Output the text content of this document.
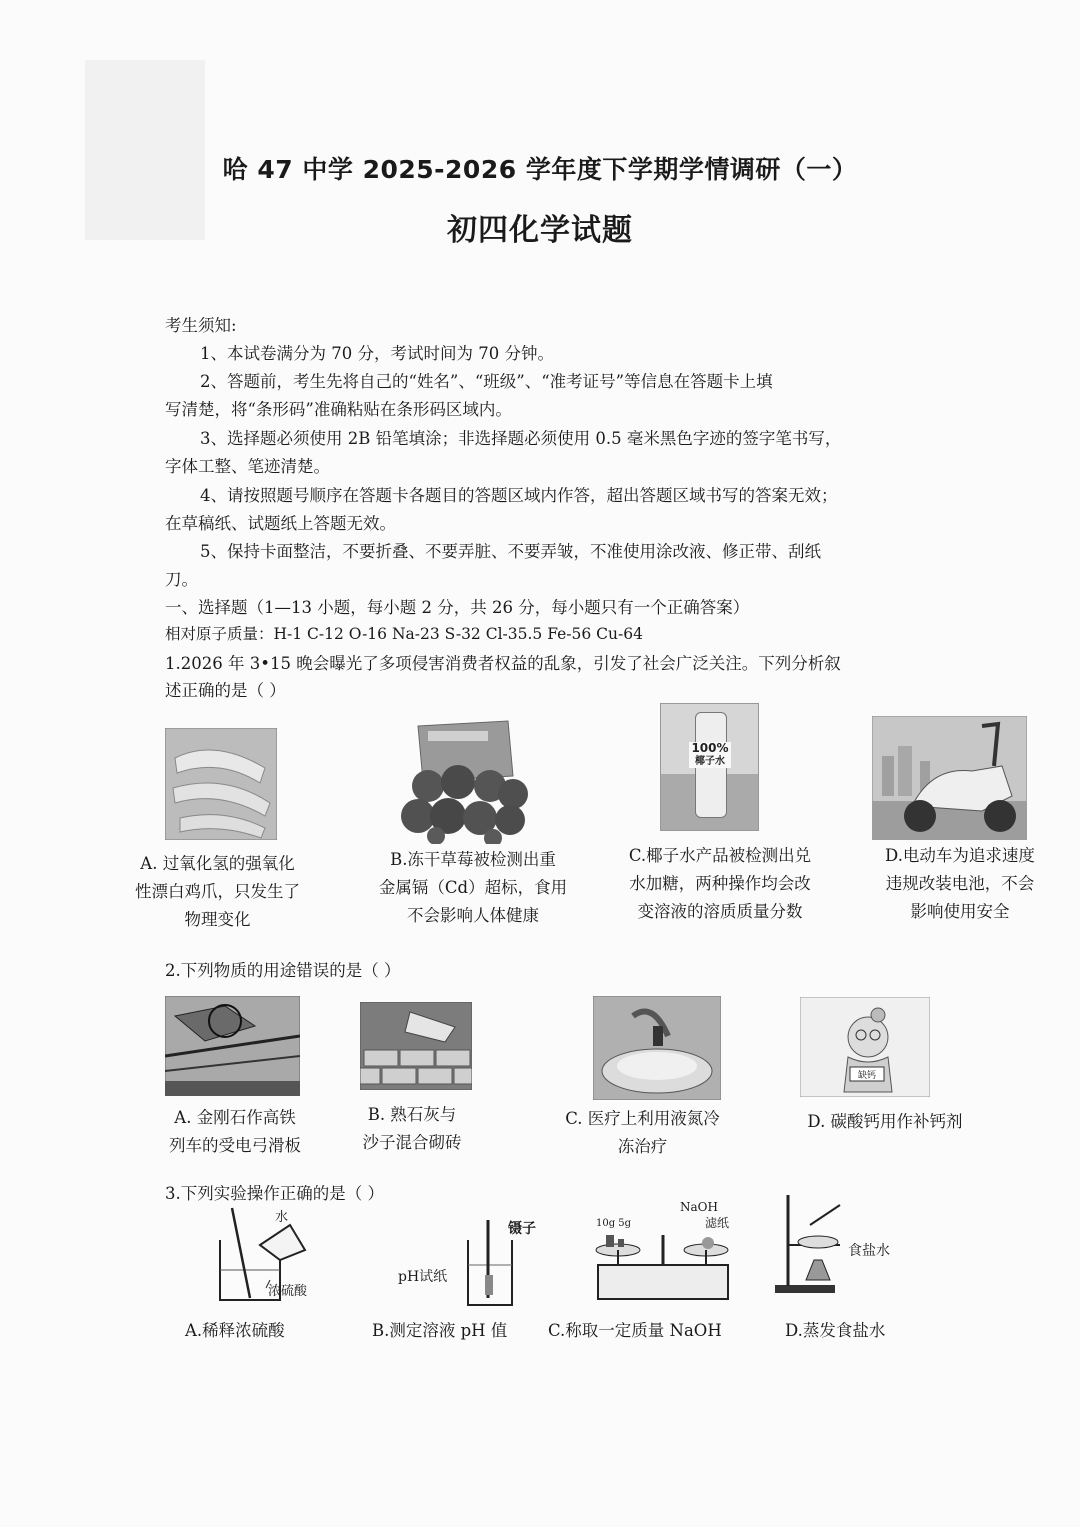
哈 47 中学 2025-2026 学年度下学期学情调研（一）
初四化学试题
考生须知:
1、本试卷满分为 70 分，考试时间为 70 分钟。
2、答题前，考生先将自己的“姓名”、“班级”、“准考证号”等信息在答题卡上填
写清楚，将“条形码”准确粘贴在条形码区域内。
3、选择题必须使用 2B 铅笔填涂；非选择题必须使用 0.5 毫米黑色字迹的签字笔书写，
字体工整、笔迹清楚。
4、请按照题号顺序在答题卡各题目的答题区域内作答，超出答题区域书写的答案无效；
在草稿纸、试题纸上答题无效。
5、保持卡面整洁，不要折叠、不要弄脏、不要弄皱，不准使用涂改液、修正带、刮纸
刀。
一、选择题（1—13 小题，每小题 2 分，共 26 分，每小题只有一个正确答案）
相对原子质量：H-1 C-12 O-16 Na-23 S-32 Cl-35.5 Fe-56 Cu-64
1.2026 年 3•15 晚会曝光了多项侵害消费者权益的乱象，引发了社会广泛关注。下列分析叙
述正确的是（ ）
100%
椰子水
A. 过氧化氢的强氧化
性漂白鸡爪，只发生了
物理变化
B.冻干草莓被检测出重
金属镉（Cd）超标，食用
不会影响人体健康
C.椰子水产品被检测出兑
水加糖，两种操作均会改
变溶液的溶质质量分数
D.电动车为追求速度
违规改装电池，不会
影响使用安全
2.下列物质的用途错误的是（ ）
缺钙
A. 金刚石作高铁
列车的受电弓滑板
B. 熟石灰与
沙子混合砌砖
C. 医疗上利用液氮冷
冻治疗
D. 碳酸钙用作补钙剂
3.下列实验操作正确的是（ ）
水
浓硫酸
镊子
pH试纸
NaOH
滤纸
10g 5g
食盐水
A.稀释浓硫酸	B.测定溶液 pH 值 C.称取一定质量 NaOH	D.蒸发食盐水
